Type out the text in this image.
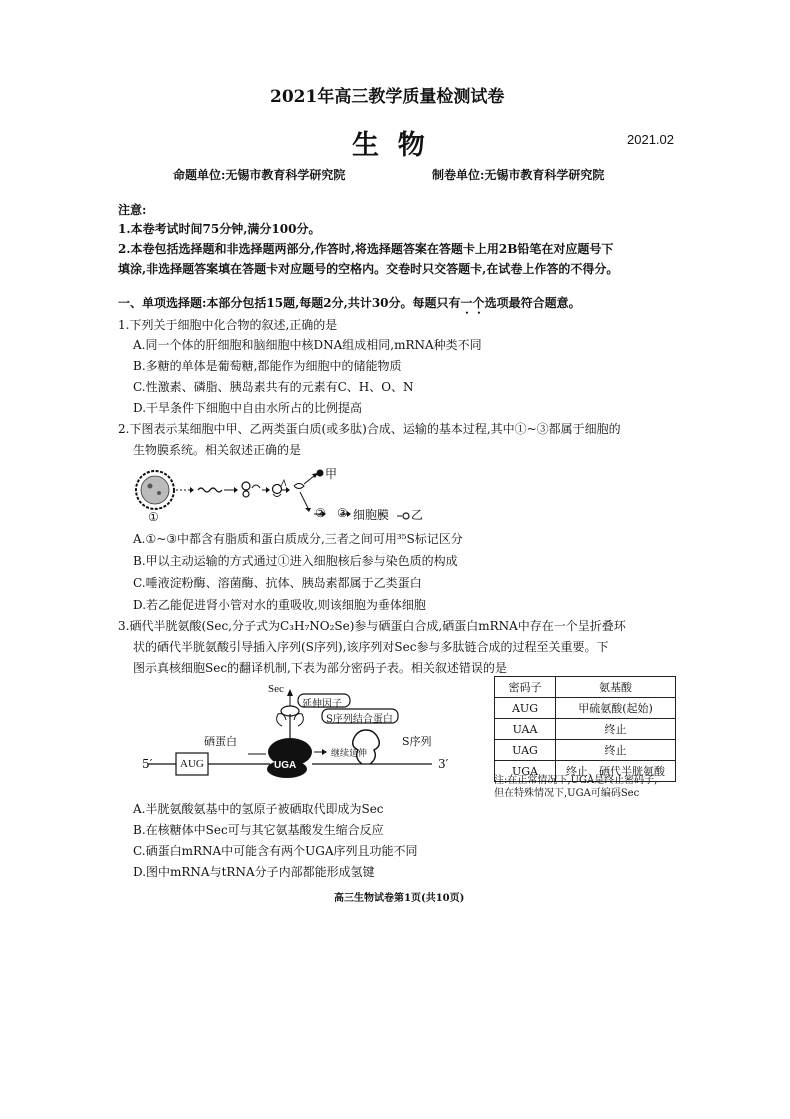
2021年高三教学质量检测试卷
生  物	2021.02
命题单位:无锡市教育科学研究院	制卷单位:无锡市教育科学研究院
注意:
1.本卷考试时间75分钟,满分100分。
2.本卷包括选择题和非选择题两部分,作答时,将选择题答案在答题卡上用2B铅笔在对应题号下
填涂,非选择题答案填在答题卡对应题号的空格内。交卷时只交答题卡,在试卷上作答的不得分。
一、单项选择题:本部分包括15题,每题2分,共计30分。每题只有一个选项最符合题意。
1.下列关于细胞中化合物的叙述,正确的是
A.同一个体的肝细胞和脑细胞中核DNA组成相同,mRNA种类不同
B.多糖的单体是葡萄糖,都能作为细胞中的储能物质
C.性激素、磷脂、胰岛素共有的元素有C、H、O、N
D.干旱条件下细胞中自由水所占的比例提高
2.下图表示某细胞中甲、乙两类蛋白质(或多肽)合成、运输的基本过程,其中①~③都属于细胞的
生物膜系统。相关叙述正确的是
甲
①	② ③ 细胞膜 乙
A.①~③中都含有脂质和蛋白质成分,三者之间可用³⁵S标记区分
B.甲以主动运输的方式通过①进入细胞核后参与染色质的构成
C.唾液淀粉酶、溶菌酶、抗体、胰岛素都属于乙类蛋白
D.若乙能促进肾小管对水的重吸收,则该细胞为垂体细胞
3.硒代半胱氨酸(Sec,分子式为C₃H₇NO₂Se)参与硒蛋白合成,硒蛋白mRNA中存在一个呈折叠环
状的硒代半胱氨酸引导插入序列(S序列),该序列对Sec参与多肽链合成的过程至关重要。下
图示真核细胞Sec的翻译机制,下表为部分密码子表。相关叙述错误的是
Sec
延伸因子
S序列结合蛋白
硒蛋白
继续延伸
S序列
AUG	UGA
5′	3′
密码子	氨基酸
AUG	甲硫氨酸(起始)
UAA	终止
UAG	终止
UGA	终止、硒代半胱氨酸
注:在正常情况下,UGA是终止密码子,
但在特殊情况下,UGA可编码Sec
A.半胱氨酸氨基中的氢原子被硒取代即成为Sec
B.在核糖体中Sec可与其它氨基酸发生缩合反应
C.硒蛋白mRNA中可能含有两个UGA序列且功能不同
D.图中mRNA与tRNA分子内部都能形成氢键
高三生物试卷第1页(共10页)
